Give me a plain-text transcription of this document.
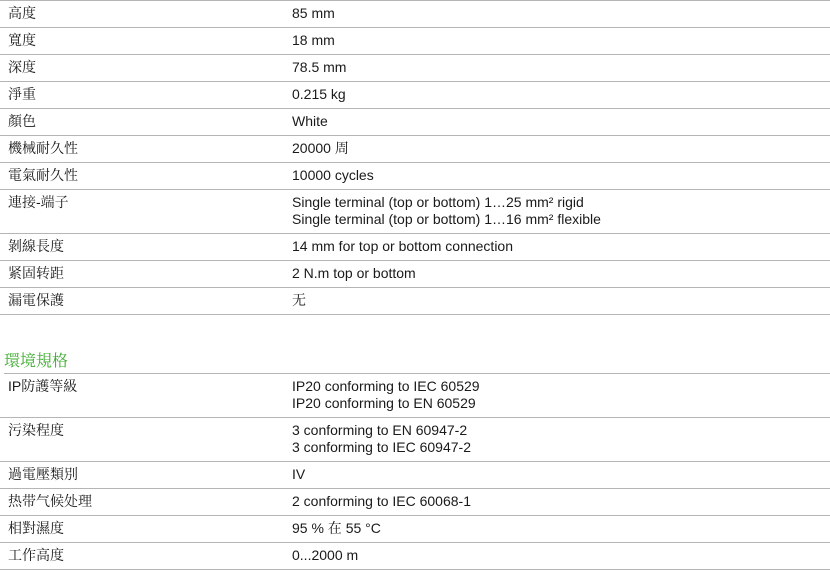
高度	85 mm

寬度	18 mm

深度	78.5 mm

淨重	0.215 kg

顏色	White

機械耐久性	20000 周

電氣耐久性	10000 cycles

連接-端子	Single terminal (top or bottom) 1…25 mm² rigid
Single terminal (top or bottom) 1…16 mm² flexible

剝線長度	14 mm for top or bottom connection

紧固转距	2 N.m top or bottom

漏電保護	无
環境規格
IP防護等級	IP20 conforming to IEC 60529
IP20 conforming to EN 60529

污染程度	3 conforming to EN 60947-2
3 conforming to IEC 60947-2

過電壓類別	IV

热带气候处理	2 conforming to IEC 60068-1

相對濕度	95 % 在 55 °C

工作高度	0...2000 m
